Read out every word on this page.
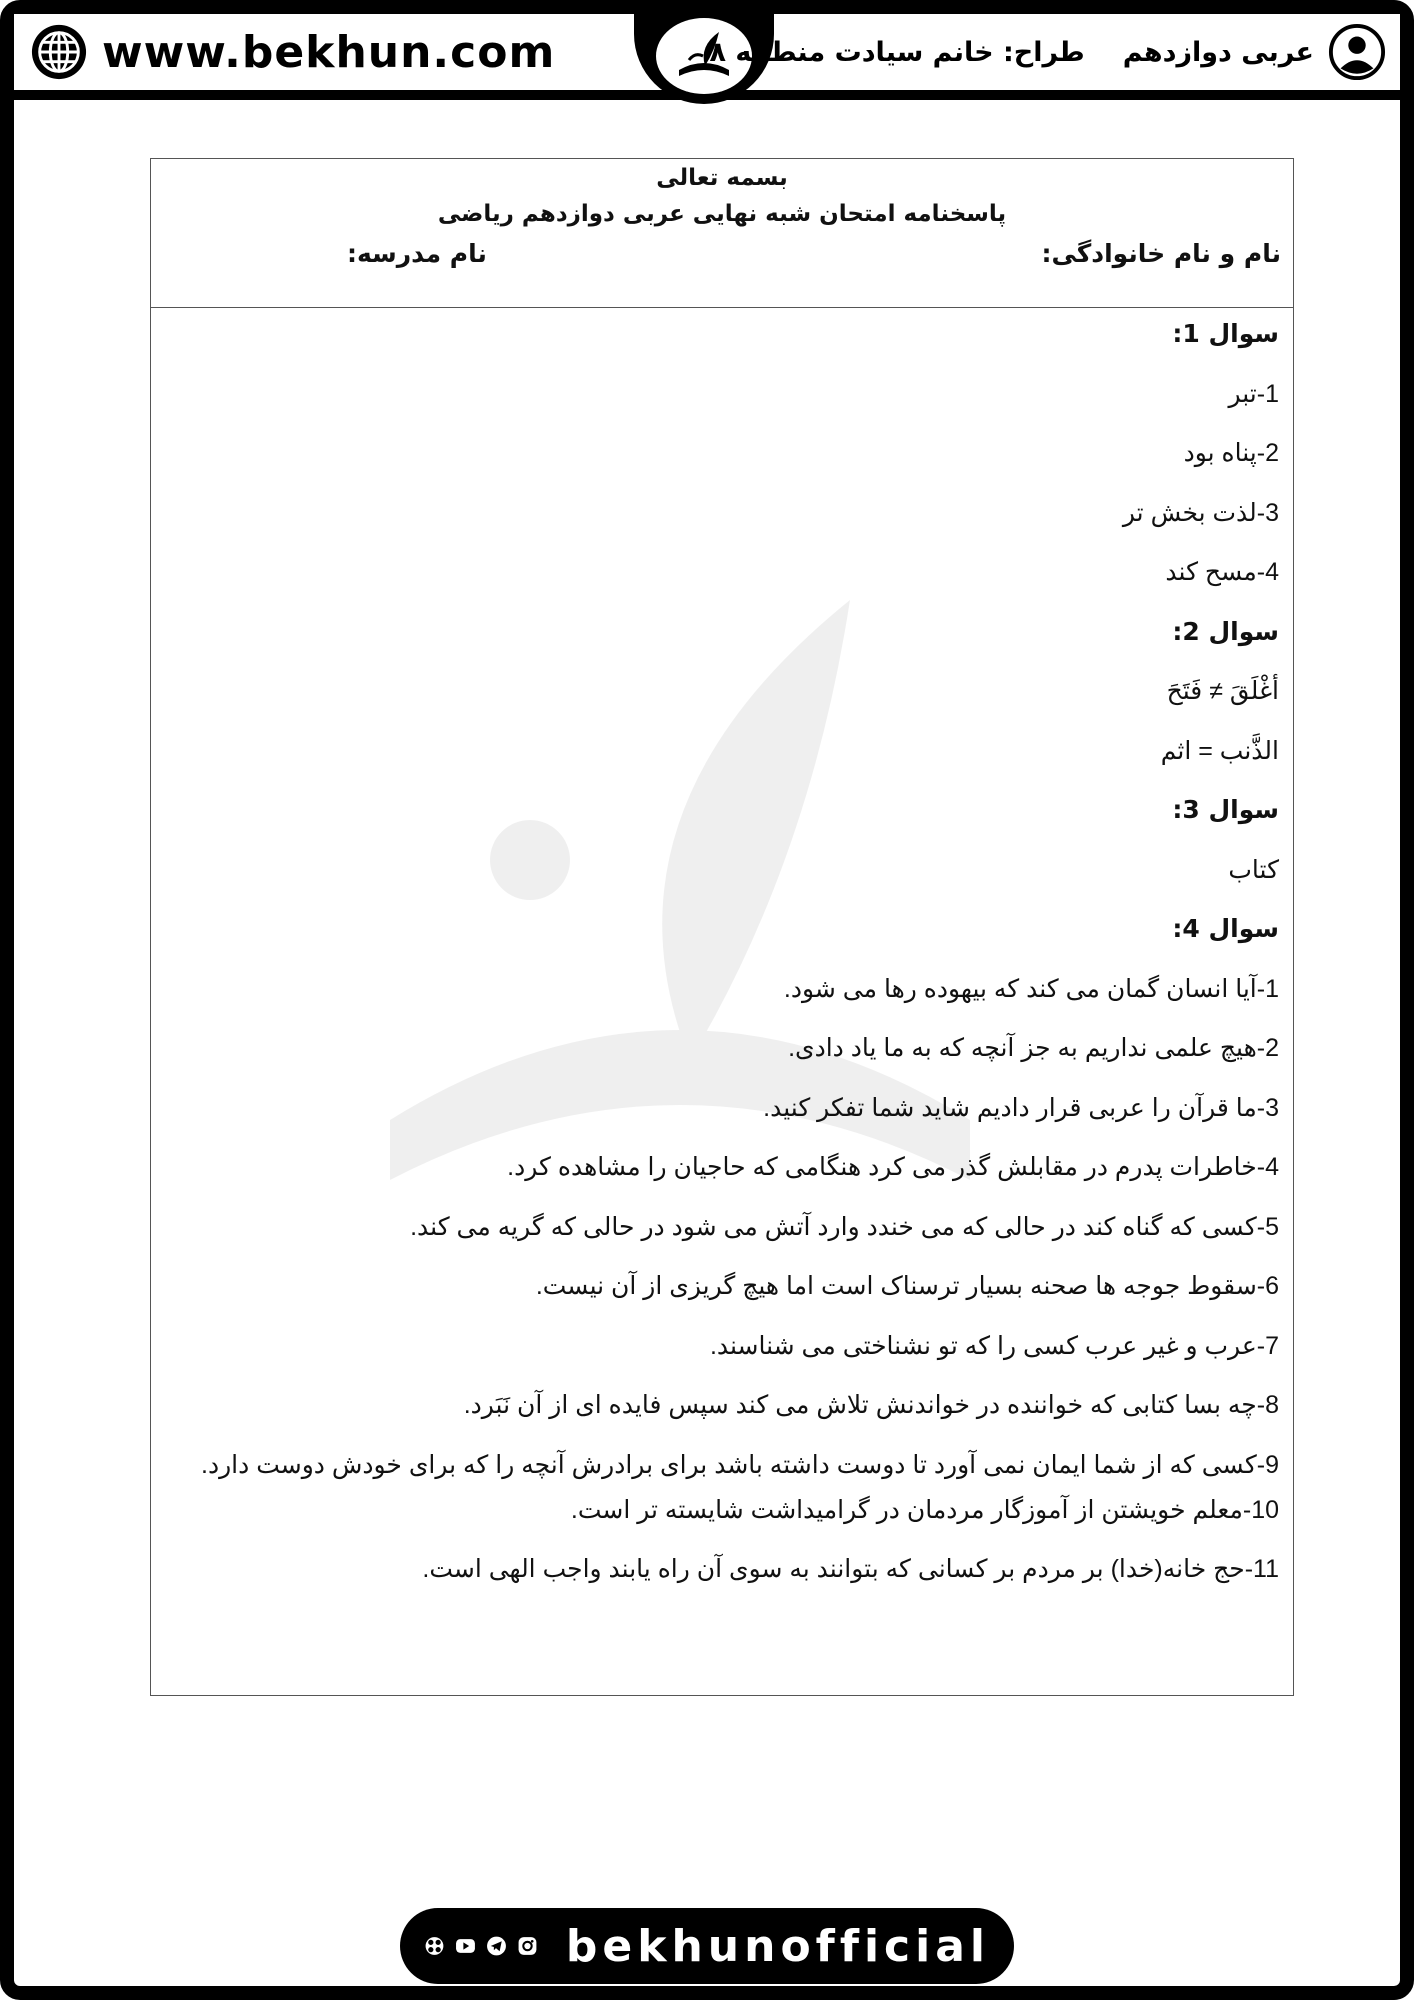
www.bekhun.com	عربی دوازدهم
طراح: خانم سیادت منطقه ۸
بسمه تعالی
پاسخنامه امتحان شبه نهایی عربی دوازدهم ریاضی
نام و نام خانوادگی:
نام مدرسه:
سوال 1:
1-تبر
2-پناه بود
3-لذت بخش تر
4-مسح کند
سوال 2:
أغْلَقَ ≠ فَتَحَ
الذَّنب = اثم
سوال 3:
کتاب
سوال 4:
1-آیا انسان گمان می کند که بیهوده رها می شود.
2-هیچ علمی نداریم به جز آنچه که به ما یاد دادی.
3-ما قرآن را عربی قرار دادیم شاید شما تفکر کنید.
4-خاطرات پدرم در مقابلش گذر می کرد هنگامی که حاجیان را مشاهده کرد.
5-کسی که گناه کند در حالی که می خندد وارد آتش می شود در حالی که گریه می کند.
6-سقوط جوجه ها صحنه بسیار ترسناک است اما هیچ گریزی از آن نیست.
7-عرب و غیر عرب کسی را که تو نشناختی می شناسند.
8-چه بسا کتابی که خواننده در خواندنش تلاش می کند سپس فایده ای از آن نَبَرد.
9-کسی که از شما ایمان نمی آورد تا دوست داشته باشد برای برادرش آنچه را که برای خودش دوست دارد.
10-معلم خویشتن از آموزگار مردمان در گرامیداشت شایسته تر است.
11-حج خانه(خدا) بر مردم بر کسانی که بتوانند به سوی آن راه یابند واجب الهی است.
bekhunofficial
